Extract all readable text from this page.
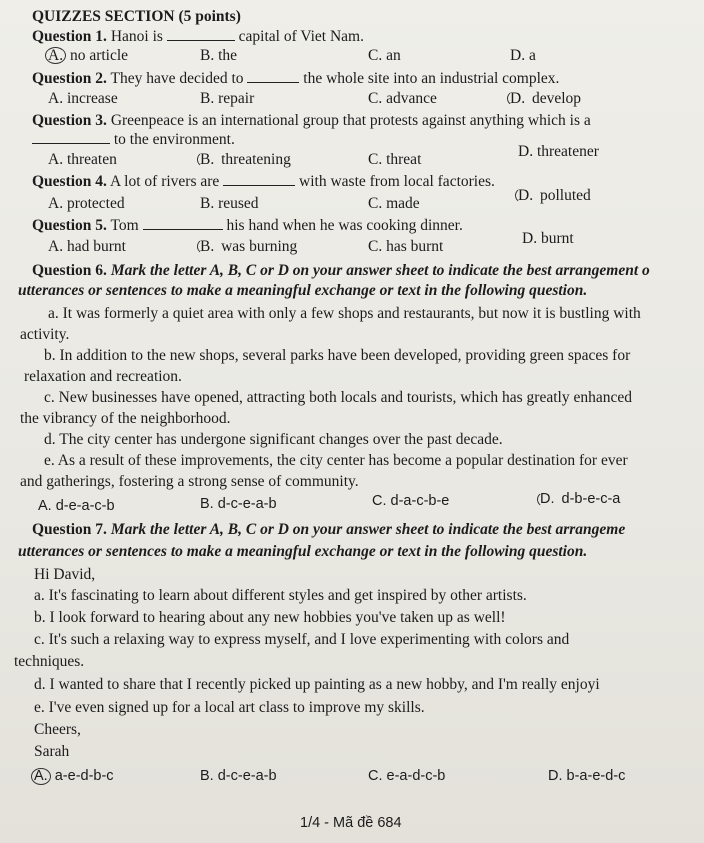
QUIZZES SECTION (5 points)
Question 1. Hanoi is	capital of Viet Nam.
A. no article	B. the	C. an	D. a
Question 2. They have decided to	the whole site into an industrial complex.
A. increase	B. repair	C. advance	D. develop
Question 3. Greenpeace is an international group that protests against anything which is a
to the environment.
A. threaten	B. threatening	C. threat	D. threatener
Question 4. A lot of rivers are	with waste from local factories.
A. protected	B. reused	C. made	D. polluted
Question 5. Tom	his hand when he was cooking dinner.
A. had burnt	B. was burning	C. has burnt	D. burnt
Question 6. Mark the letter A, B, C or D on your answer sheet to indicate the best arrangement o
utterances or sentences to make a meaningful exchange or text in the following question.
a. It was formerly a quiet area with only a few shops and restaurants, but now it is bustling with
activity.
b. In addition to the new shops, several parks have been developed, providing green spaces for
relaxation and recreation.
c. New businesses have opened, attracting both locals and tourists, which has greatly enhanced
the vibrancy of the neighborhood.
d. The city center has undergone significant changes over the past decade.
e. As a result of these improvements, the city center has become a popular destination for ever
and gatherings, fostering a strong sense of community.
A. d-e-a-c-b	B. d-c-e-a-b	C. d-a-c-b-e	D. d-b-e-c-a
Question 7. Mark the letter A, B, C or D on your answer sheet to indicate the best arrangeme
utterances or sentences to make a meaningful exchange or text in the following question.
Hi David,
a. It's fascinating to learn about different styles and get inspired by other artists.
b. I look forward to hearing about any new hobbies you've taken up as well!
c. It's such a relaxing way to express myself, and I love experimenting with colors and
techniques.
d. I wanted to share that I recently picked up painting as a new hobby, and I'm really enjoyi
e. I've even signed up for a local art class to improve my skills.
Cheers,
Sarah
A. a-e-d-b-c	B. d-c-e-a-b	C. e-a-d-c-b	D. b-a-e-d-c
1/4 - Mã đề 684
